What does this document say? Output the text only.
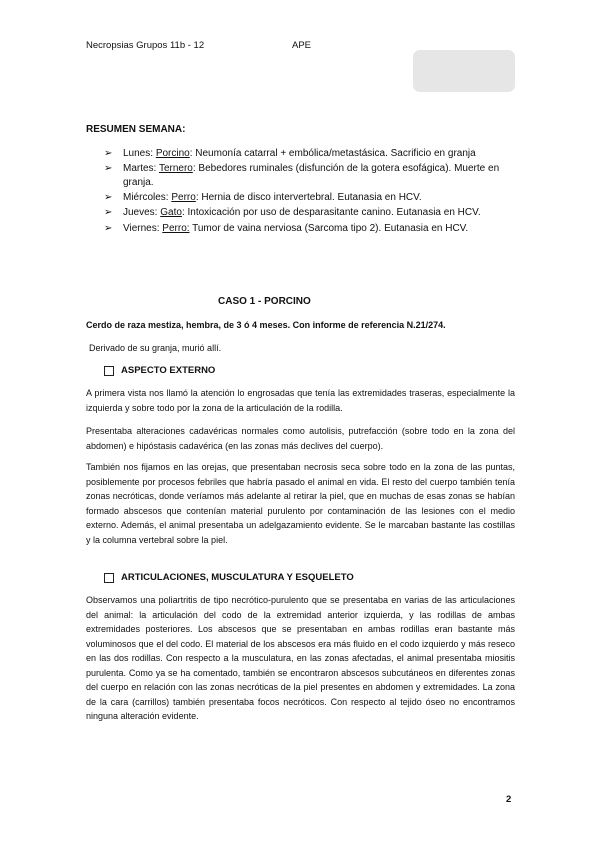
Necropsias Grupos 11b - 12	APE
RESUMEN SEMANA:
➢ Lunes: Porcino: Neumonía catarral + embólica/metastásica. Sacrificio en granja
➢ Martes: Ternero: Bebedores ruminales (disfunción de la gotera esofágica). Muerte en granja.
➢ Miércoles: Perro: Hernia de disco intervertebral. Eutanasia en HCV.
➢ Jueves: Gato: Intoxicación por uso de desparasitante canino. Eutanasia en HCV.
➢ Viernes: Perro: Tumor de vaina nerviosa (Sarcoma tipo 2). Eutanasia en HCV.
CASO 1 - PORCINO
Cerdo de raza mestiza, hembra, de 3 ó 4 meses. Con informe de referencia N.21/274.
Derivado de su granja, murió allí.
ASPECTO EXTERNO

A primera vista nos llamó la atención lo engrosadas que tenía las extremidades traseras, especialmente la izquierda y sobre todo por la zona de la articulación de la rodilla.

Presentaba alteraciones cadavéricas normales como autolisis, putrefacción (sobre todo en la zona del abdomen) e hipóstasis cadavérica (en las zonas más declives del cuerpo).

También nos fijamos en las orejas, que presentaban necrosis seca sobre todo en la zona de las puntas, posiblemente por procesos febriles que habría pasado el animal en vida. El resto del cuerpo también tenía zonas necróticas, donde veríamos más adelante al retirar la piel, que en muchas de esas zonas se habían formado abscesos que contenían material purulento por contaminación de las lesiones con el medio externo. Además, el animal presentaba un adelgazamiento evidente. Se le marcaban bastante las costillas y la columna vertebral sobre la piel.

ARTICULACIONES, MUSCULATURA Y ESQUELETO

Observamos una poliartritis de tipo necrótico-purulento que se presentaba en varias de las articulaciones del animal: la articulación del codo de la extremidad anterior izquierda, y las rodillas de ambas extremidades posteriores. Los abscesos que se presentaban en ambas rodillas eran bastante más voluminosos que el del codo. El material de los abscesos era más fluido en el codo izquierdo y más reseco en las dos rodillas. Con respecto a la musculatura, en las zonas afectadas, el animal presentaba miositis purulenta. Como ya se ha comentado, también se encontraron abscesos subcutáneos en diferentes zonas del cuerpo en relación con las zonas necróticas de la piel presentes en abdomen y extremidades. La zona de la cara (carrillos) también presentaba focos necróticos. Con respecto al tejido óseo no encontramos ninguna alteración evidente.

2
